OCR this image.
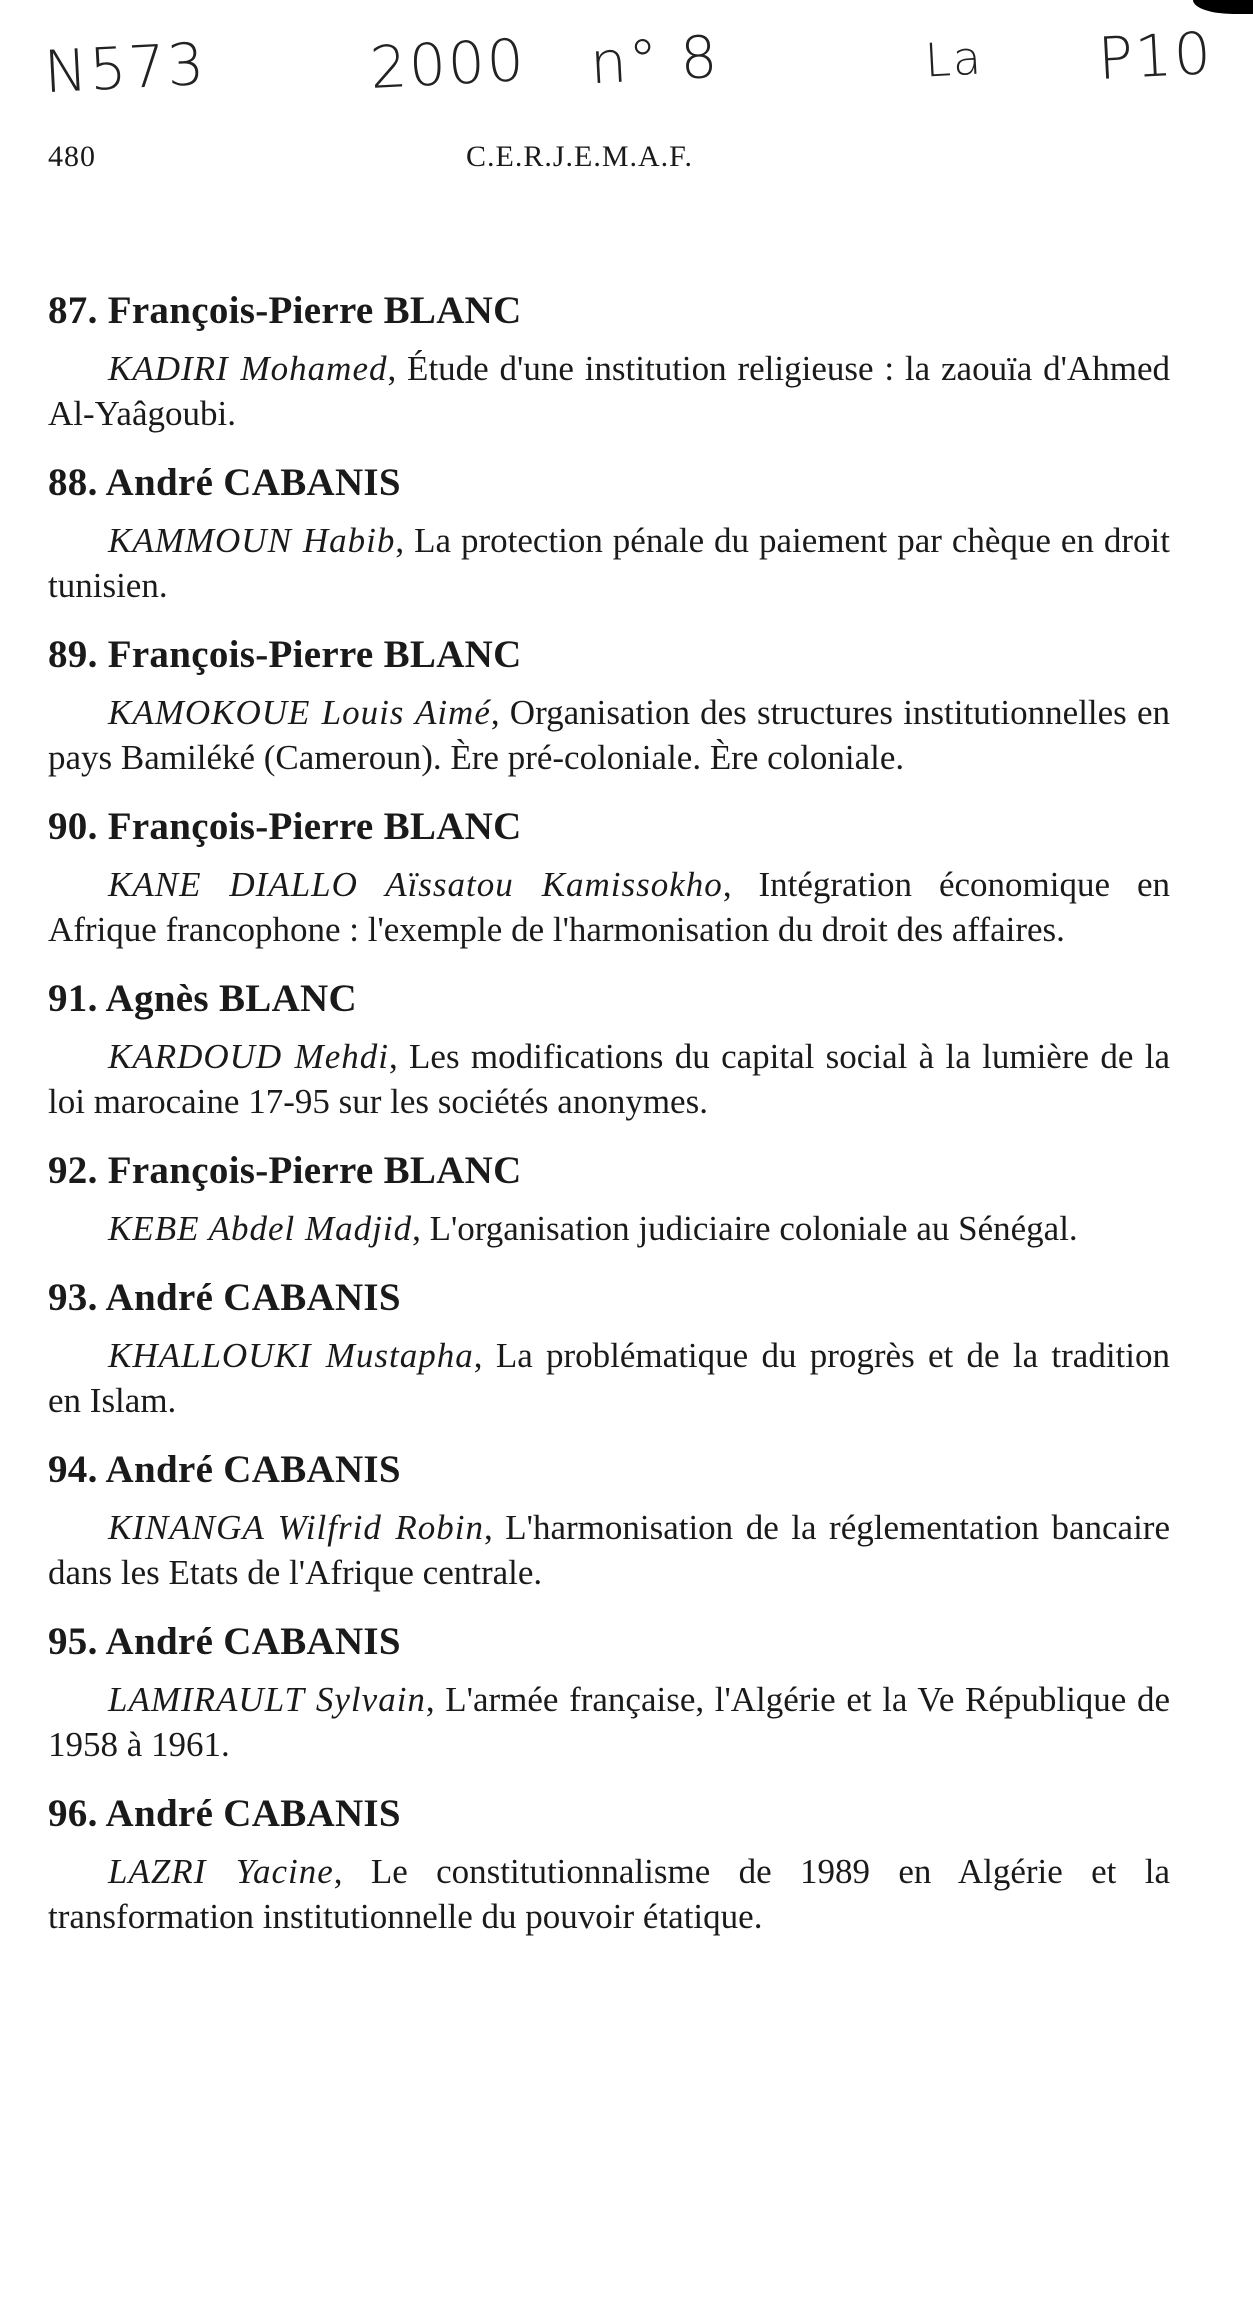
N573	2000 n° 8	La P10
480	C.E.R.J.E.M.A.F.
87. François-Pierre BLANC

KADIRI Mohamed, Étude d'une institution religieuse : la zaouïa d'Ahmed Al-Yaâgoubi.

88. André CABANIS

KAMMOUN Habib, La protection pénale du paiement par chèque en droit tunisien.

89. François-Pierre BLANC

KAMOKOUE Louis Aimé, Organisation des structures institutionnelles en pays Bamiléké (Cameroun). Ère pré-coloniale. Ère coloniale.

90. François-Pierre BLANC

KANE DIALLO Aïssatou Kamissokho, Intégration économique en Afrique francophone : l'exemple de l'harmonisation du droit des affaires.

91. Agnès BLANC

KARDOUD Mehdi, Les modifications du capital social à la lumière de la loi marocaine 17-95 sur les sociétés anonymes.

92. François-Pierre BLANC

KEBE Abdel Madjid, L'organisation judiciaire coloniale au Sénégal.

93. André CABANIS

KHALLOUKI Mustapha, La problématique du progrès et de la tradition en Islam.

94. André CABANIS

KINANGA Wilfrid Robin, L'harmonisation de la réglementation bancaire dans les Etats de l'Afrique centrale.

95. André CABANIS

LAMIRAULT Sylvain, L'armée française, l'Algérie et la Ve République de 1958 à 1961.

96. André CABANIS

LAZRI Yacine, Le constitutionnalisme de 1989 en Algérie et la transformation institutionnelle du pouvoir étatique.
